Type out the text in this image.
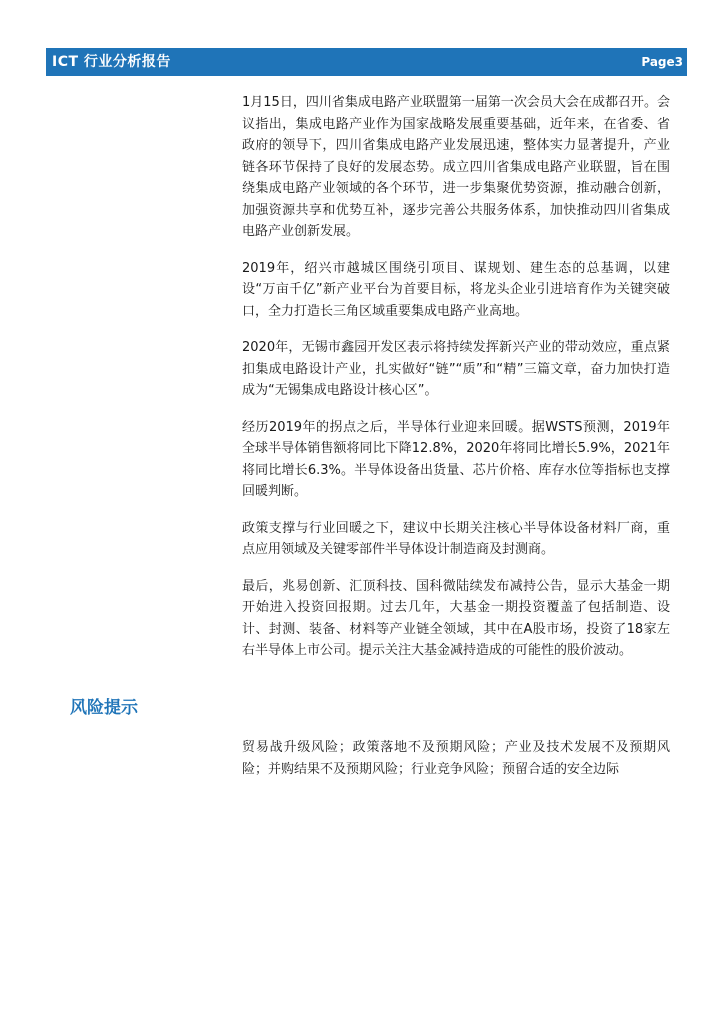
ICT 行业分析报告	Page3

1月15日，四川省集成电路产业联盟第一届第一次会员大会在成都召开。会议指出，集成电路产业作为国家战略发展重要基础，近年来，在省委、省政府的领导下，四川省集成电路产业发展迅速，整体实力显著提升，产业链各环节保持了良好的发展态势。成立四川省集成电路产业联盟，旨在围绕集成电路产业领域的各个环节，进一步集聚优势资源，推动融合创新，加强资源共享和优势互补，逐步完善公共服务体系，加快推动四川省集成电路产业创新发展。

2019年，绍兴市越城区围绕引项目、谋规划、建生态的总基调，以建设“万亩千亿”新产业平台为首要目标，将龙头企业引进培育作为关键突破口，全力打造长三角区域重要集成电路产业高地。

2020年，无锡市鑫园开发区表示将持续发挥新兴产业的带动效应，重点紧扣集成电路设计产业，扎实做好“链”“质”和“精”三篇文章，奋力加快打造成为“无锡集成电路设计核心区”。

经历2019年的拐点之后，半导体行业迎来回暖。据WSTS预测，2019年全球半导体销售额将同比下降12.8%，2020年将同比增长5.9%，2021年将同比增长6.3%。半导体设备出货量、芯片价格、库存水位等指标也支撑回暖判断。

政策支撑与行业回暖之下，建议中长期关注核心半导体设备材料厂商，重点应用领域及关键零部件半导体设计制造商及封测商。

最后，兆易创新、汇顶科技、国科微陆续发布减持公告，显示大基金一期开始进入投资回报期。过去几年，大基金一期投资覆盖了包括制造、设计、封测、装备、材料等产业链全领域，其中在A股市场，投资了18家左右半导体上市公司。提示关注大基金减持造成的可能性的股价波动。

风险提示

贸易战升级风险；政策落地不及预期风险；产业及技术发展不及预期风险；并购结果不及预期风险；行业竞争风险；预留合适的安全边际
